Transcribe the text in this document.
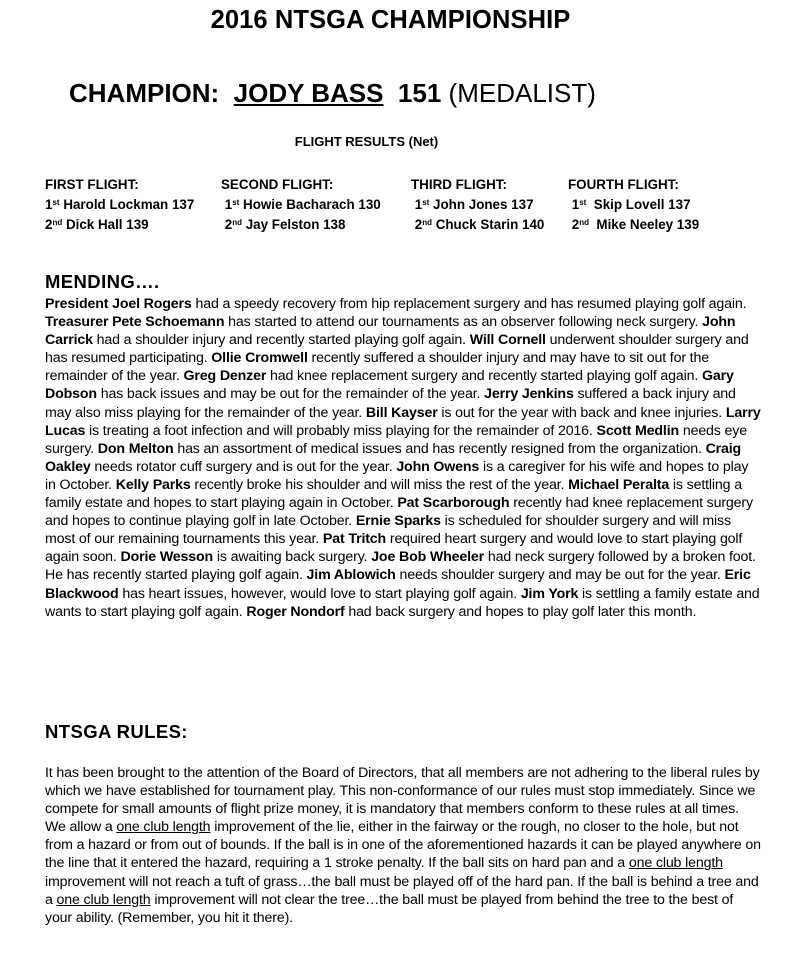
2016 NTSGA CHAMPIONSHIP
CHAMPION: JODY BASS 151 (MEDALIST)
FLIGHT RESULTS (Net)
FIRST FLIGHT:
1st Harold Lockman 137
2nd Dick Hall 139
SECOND FLIGHT:
1st Howie Bacharach 130
2nd Jay Felston 138
THIRD FLIGHT:
1st John Jones 137
2nd Chuck Starin 140
FOURTH FLIGHT:
1st Skip Lovell 137
2nd Mike Neeley 139
MENDING….
President Joel Rogers had a speedy recovery from hip replacement surgery and has resumed playing golf again. Treasurer Pete Schoemann has started to attend our tournaments as an observer following neck surgery. John Carrick had a shoulder injury and recently started playing golf again. Will Cornell underwent shoulder surgery and has resumed participating. Ollie Cromwell recently suffered a shoulder injury and may have to sit out for the remainder of the year. Greg Denzer had knee replacement surgery and recently started playing golf again. Gary Dobson has back issues and may be out for the remainder of the year. Jerry Jenkins suffered a back injury and may also miss playing for the remainder of the year. Bill Kayser is out for the year with back and knee injuries. Larry Lucas is treating a foot infection and will probably miss playing for the remainder of 2016. Scott Medlin needs eye surgery. Don Melton has an assortment of medical issues and has recently resigned from the organization. Craig Oakley needs rotator cuff surgery and is out for the year. John Owens is a caregiver for his wife and hopes to play in October. Kelly Parks recently broke his shoulder and will miss the rest of the year. Michael Peralta is settling a family estate and hopes to start playing again in October. Pat Scarborough recently had knee replacement surgery and hopes to continue playing golf in late October. Ernie Sparks is scheduled for shoulder surgery and will miss most of our remaining tournaments this year. Pat Tritch required heart surgery and would love to start playing golf again soon. Dorie Wesson is awaiting back surgery. Joe Bob Wheeler had neck surgery followed by a broken foot. He has recently started playing golf again. Jim Ablowich needs shoulder surgery and may be out for the year. Eric Blackwood has heart issues, however, would love to start playing golf again. Jim York is settling a family estate and wants to start playing golf again. Roger Nondorf had back surgery and hopes to play golf later this month.
NTSGA RULES:
It has been brought to the attention of the Board of Directors, that all members are not adhering to the liberal rules by which we have established for tournament play. This non-conformance of our rules must stop immediately. Since we compete for small amounts of flight prize money, it is mandatory that members conform to these rules at all times. We allow a one club length improvement of the lie, either in the fairway or the rough, no closer to the hole, but not from a hazard or from out of bounds. If the ball is in one of the aforementioned hazards it can be played anywhere on the line that it entered the hazard, requiring a 1 stroke penalty. If the ball sits on hard pan and a one club length improvement will not reach a tuft of grass…the ball must be played off of the hard pan. If the ball is behind a tree and a one club length improvement will not clear the tree…the ball must be played from behind the tree to the best of your ability. (Remember, you hit it there).
